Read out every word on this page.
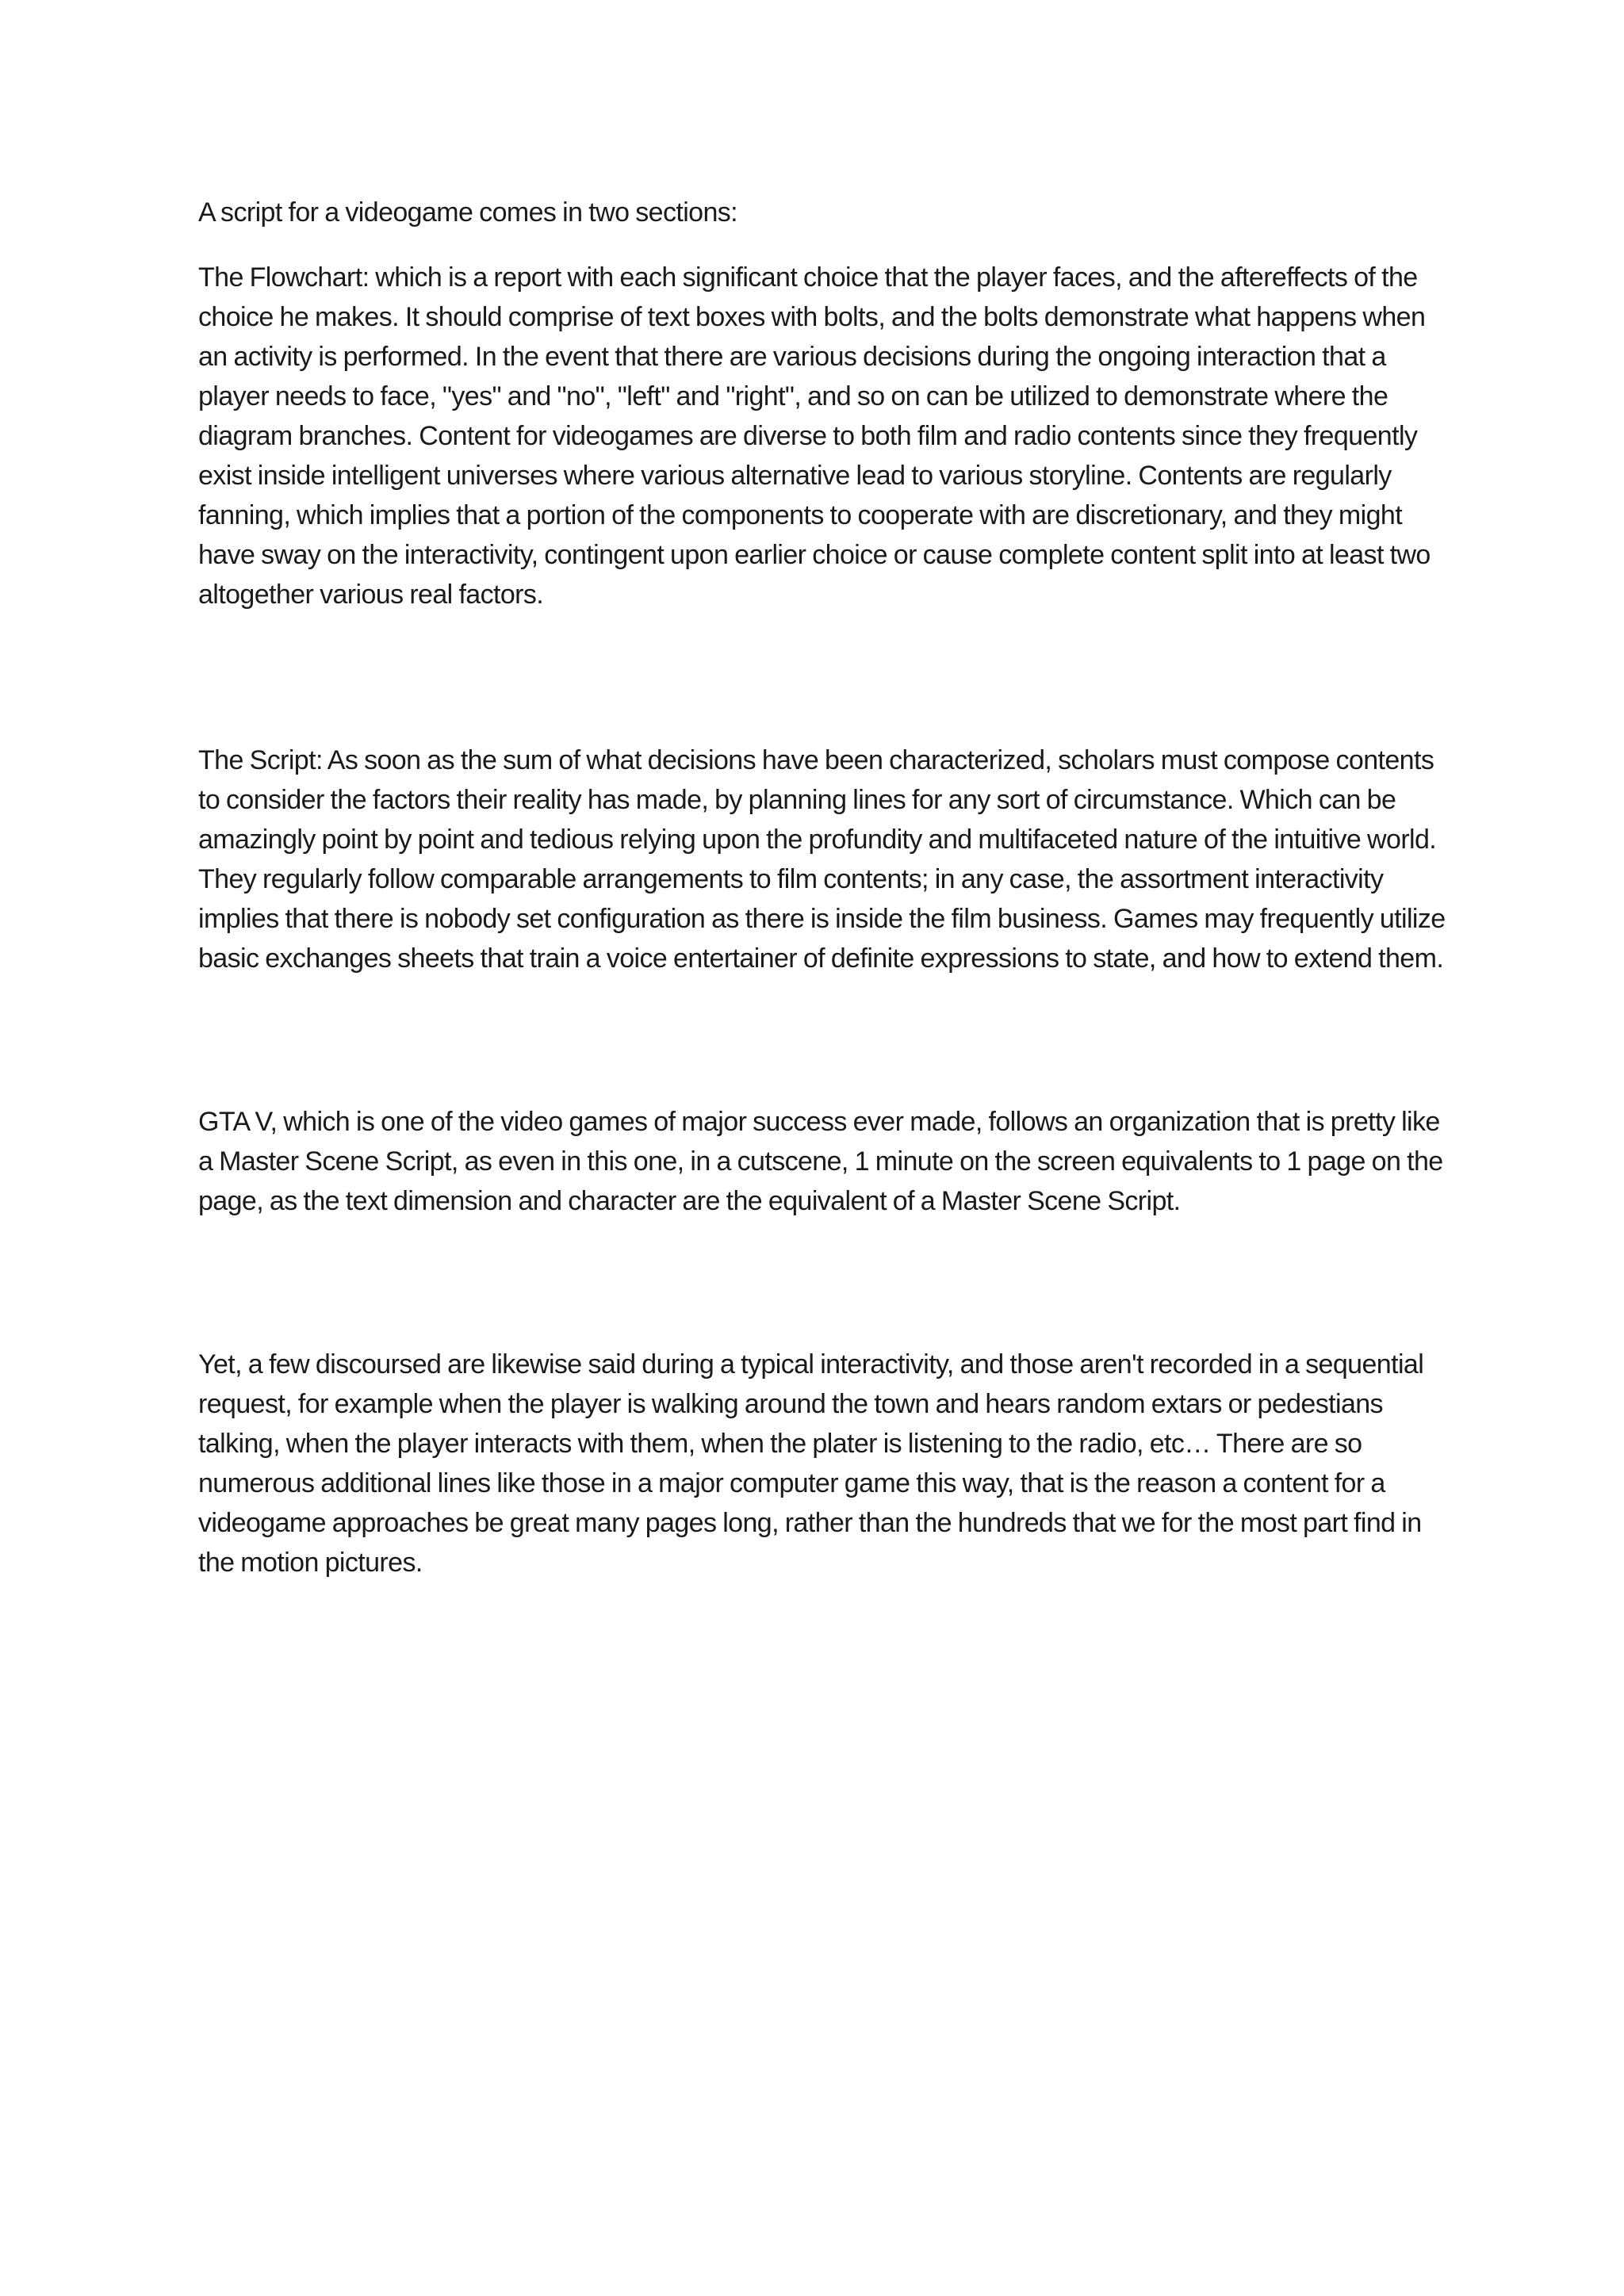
A script for a videogame comes in two sections:

The Flowchart: which is a report with each significant choice that the player faces, and the aftereffects of the choice he makes. It should comprise of text boxes with bolts, and the bolts demonstrate what happens when an activity is performed. In the event that there are various decisions during the ongoing interaction that a player needs to face, "yes" and "no", "left" and "right", and so on can be utilized to demonstrate where the diagram branches. Content for videogames are diverse to both film and radio contents since they frequently exist inside intelligent universes where various alternative lead to various storyline. Contents are regularly fanning, which implies that a portion of the components to cooperate with are discretionary, and they might have sway on the interactivity, contingent upon earlier choice or cause complete content split into at least two altogether various real factors.

The Script: As soon as the sum of what decisions have been characterized, scholars must compose contents to consider the factors their reality has made, by planning lines for any sort of circumstance. Which can be amazingly point by point and tedious relying upon the profundity and multifaceted nature of the intuitive world. They regularly follow comparable arrangements to film contents; in any case, the assortment interactivity implies that there is nobody set configuration as there is inside the film business. Games may frequently utilize basic exchanges sheets that train a voice entertainer of definite expressions to state, and how to extend them.

GTA V, which is one of the video games of major success ever made, follows an organization that is pretty like a Master Scene Script, as even in this one, in a cutscene, 1 minute on the screen equivalents to 1 page on the page, as the text dimension and character are the equivalent of a Master Scene Script.

Yet, a few discoursed are likewise said during a typical interactivity, and those aren't recorded in a sequential request, for example when the player is walking around the town and hears random extars or pedestians talking, when the player interacts with them, when the plater is listening to the radio, etc… There are so numerous additional lines like those in a major computer game this way, that is the reason a content for a videogame approaches be great many pages long, rather than the hundreds that we for the most part find in the motion pictures.
